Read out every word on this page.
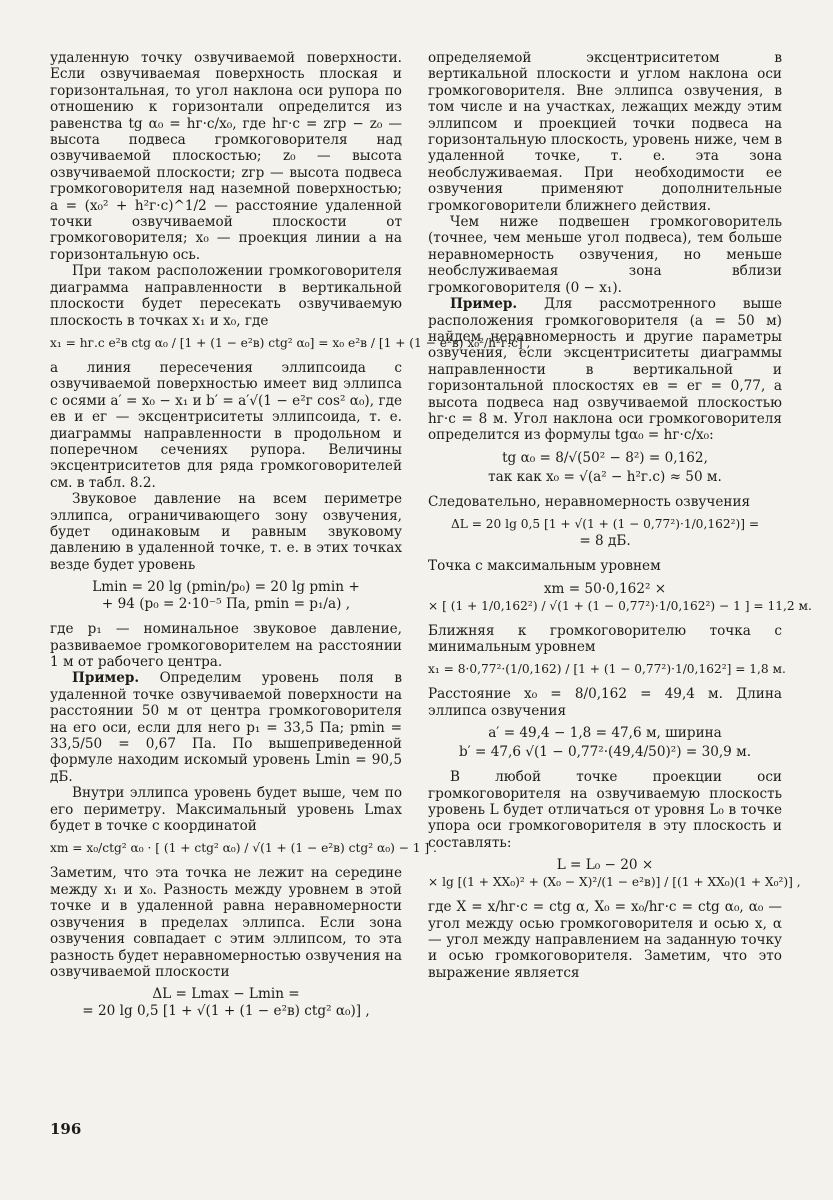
удаленную точку озвучиваемой поверхности. Если озвучиваемая поверхность плоская и горизонтальная, то угол наклона оси рупора по отношению к горизонтали определится из равенства tg α₀ = hг·с/x₀, где hг·с = zгр − z₀ — высота подвеса громкоговорителя над озвучиваемой плоскостью; z₀ — высота озвучиваемой плоскости; zгр — высота подвеса громкоговорителя над наземной поверхностью; a = (x₀² + h²г·с)^1/2 — расстояние удаленной точки озвучиваемой плоскости от громкоговорителя; x₀ — проекция линии a на горизонтальную ось.

При таком расположении громкоговорителя диаграмма направленности в вертикальной плоскости будет пересекать озвучиваемую плоскость в точках x₁ и x₀, где

x₁ = hг.с e²в ctg α₀ / [1 + (1 − e²в) ctg² α₀] = x₀ e²в / [1 + (1 − e²в) x₀²/h²г.с] ,

а линия пересечения эллипсоида с озвучиваемой поверхностью имеет вид эллипса с осями a′ = x₀ − x₁ и b′ = a′√(1 − e²г cos² α₀), где eв и eг — эксцентриситеты эллипсоида, т. е. диаграммы направленности в продольном и поперечном сечениях рупора. Величины эксцентриситетов для ряда громкоговорителей см. в табл. 8.2.

Звуковое давление на всем периметре эллипса, ограничивающего зону озвучения, будет одинаковым и равным звуковому давлению в удаленной точке, т. е. в этих точках везде будет уровень

Lmin = 20 lg (pmin/p₀) = 20 lg pmin +
+ 94 (p₀ = 2·10⁻⁵ Па, pmin = p₁/a) ,

где p₁ — номинальное звуковое давление, развиваемое громкоговорителем на расстоянии 1 м от рабочего центра.

Пример. Определим уровень поля в удаленной точке озвучиваемой поверхности на расстоянии 50 м от центра громкоговорителя на его оси, если для него p₁ = 33,5 Па; pmin = 33,5/50 = 0,67 Па. По вышеприведенной формуле находим искомый уровень Lmin = 90,5 дБ.

Внутри эллипса уровень будет выше, чем по его периметру. Максимальный уровень Lmax будет в точке с координатой

xm = x₀/ctg² α₀ · [ (1 + ctg² α₀) / √(1 + (1 − e²в) ctg² α₀) − 1 ] .

Заметим, что эта точка не лежит на середине между x₁ и x₀. Разность между уровнем в этой точке и в удаленной равна неравномерности озвучения в пределах эллипса. Если зона озвучения совпадает с этим эллипсом, то эта разность будет неравномерностью озвучения на озвучиваемой плоскости

ΔL = Lmax − Lmin =
= 20 lg 0,5 [1 + √(1 + (1 − e²в) ctg² α₀)] ,

определяемой эксцентриситетом в вертикальной плоскости и углом наклона оси громкоговорителя. Вне эллипса озвучения, в том числе и на участках, лежащих между этим эллипсом и проекцией точки подвеса на горизонтальную плоскость, уровень ниже, чем в удаленной точке, т. е. эта зона необслуживаемая. При необходимости ее озвучения применяют дополнительные громкоговорители ближнего действия.

Чем ниже подвешен громкоговоритель (точнее, чем меньше угол подвеса), тем больше неравномерность озвучения, но меньше необслуживаемая зона вблизи громкоговорителя (0 − x₁).

Пример. Для рассмотренного выше расположения громкоговорителя (a = 50 м) найдем неравномерность и другие параметры озвучения, если эксцентриситеты диаграммы направленности в вертикальной и горизонтальной плоскостях eв = eг = 0,77, а высота подвеса над озвучиваемой плоскостью hг·с = 8 м. Угол наклона оси громкоговорителя определится из формулы tgα₀ = hг·с/x₀:

tg α₀ = 8/√(50² − 8²) = 0,162,
так как x₀ = √(a² − h²г.с) ≈ 50 м.

Следовательно, неравномерность озвучения

ΔL = 20 lg 0,5 [1 + √(1 + (1 − 0,77²)·1/0,162²)] =
= 8 дБ.

Точка с максимальным уровнем

xm = 50·0,162² ×
× [ (1 + 1/0,162²) / √(1 + (1 − 0,77²)·1/0,162²) − 1 ] = 11,2 м.

Ближняя к громкоговорителю точка с минимальным уровнем

x₁ = 8·0,77²·(1/0,162) / [1 + (1 − 0,77²)·1/0,162²] = 1,8 м.

Расстояние x₀ = 8/0,162 = 49,4 м. Длина эллипса озвучения

a′ = 49,4 − 1,8 = 47,6 м, ширина
b′ = 47,6 √(1 − 0,77²·(49,4/50)²) = 30,9 м.

В любой точке проекции оси громкоговорителя на озвучиваемую плоскость уровень L будет отличаться от уровня L₀ в точке упора оси громкоговорителя в эту плоскость и составлять:

L = L₀ − 20 ×
× lg [(1 + XX₀)² + (X₀ − X)²/(1 − e²в)] / [(1 + XX₀)(1 + X₀²)] ,

где X = x/hг·с = ctg α, X₀ = x₀/hг·с = ctg α₀, α₀ — угол между осью громкоговорителя и осью x, α — угол между направлением на заданную точку и осью громкоговорителя. Заметим, что это выражение является

196
